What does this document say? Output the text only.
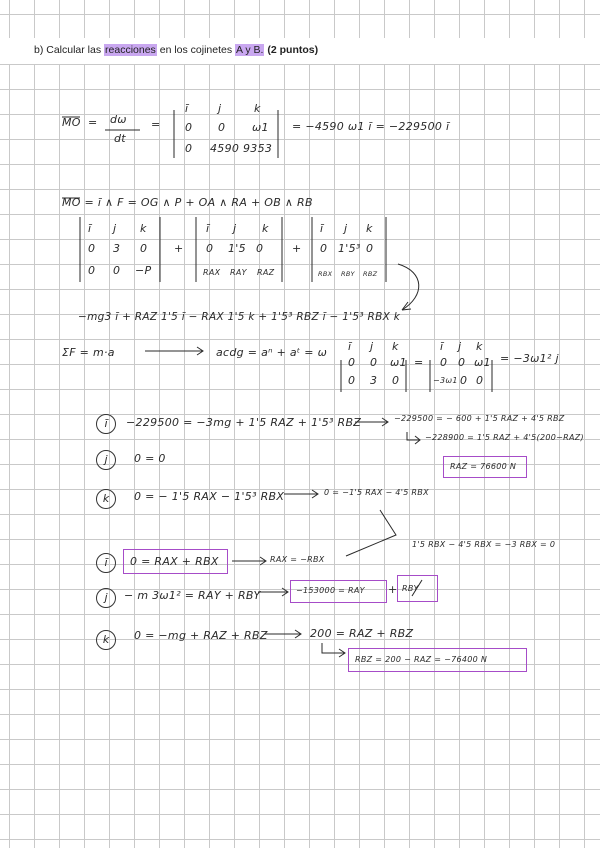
b) Calcular las reacciones en los cojinetes A y B. (2 puntos)
MO = dω
dt
=
ī	j	k
0 0 ω1
0 4590 9353
= −4590 ω1 ī = −229500 ī
MO = ī ∧ F = OG ∧ P + OA ∧ RA + OB ∧ RB
ī j k
0 3 0
0 0 −P
+
ī j k
0 1'5 0
RAX RAY RAZ
+
ī j k
0 1'5³ 0
RBX RBY RBZ
−mg3 ī + RAZ 1'5 ī − RAX 1'5 k + 1'5³ RBZ ī − 1'5³ RBX k
ΣF = m·a	acdg = aⁿ + aᵗ = ω ī j k
0 0 ω1
0 3 0
=
ī j k
0 0 ω1
−3ω1 0 0
= −3ω1² j
ī	−229500 = −3mg + 1'5 RAZ + 1'5³ RBZ	−229500 = − 600 + 1'5 RAZ + 4'5 RBZ
−228900 = 1'5 RAZ + 4'5(200−RAZ)
RAZ = 76600 N
j	0 = 0
k	0 = − 1'5 RAX − 1'5³ RBX	0 = −1'5 RAX − 4'5 RBX
1'5 RBX − 4'5 RBX = −3 RBX = 0
ī	0 = RAX + RBX	RAX = −RBX
j	− m 3ω1² = RAY + RBY	−153000 = RAY + RBY
k	0 = −mg + RAZ + RBZ	200 = RAZ + RBZ
RBZ = 200 − RAZ = −76400 N
